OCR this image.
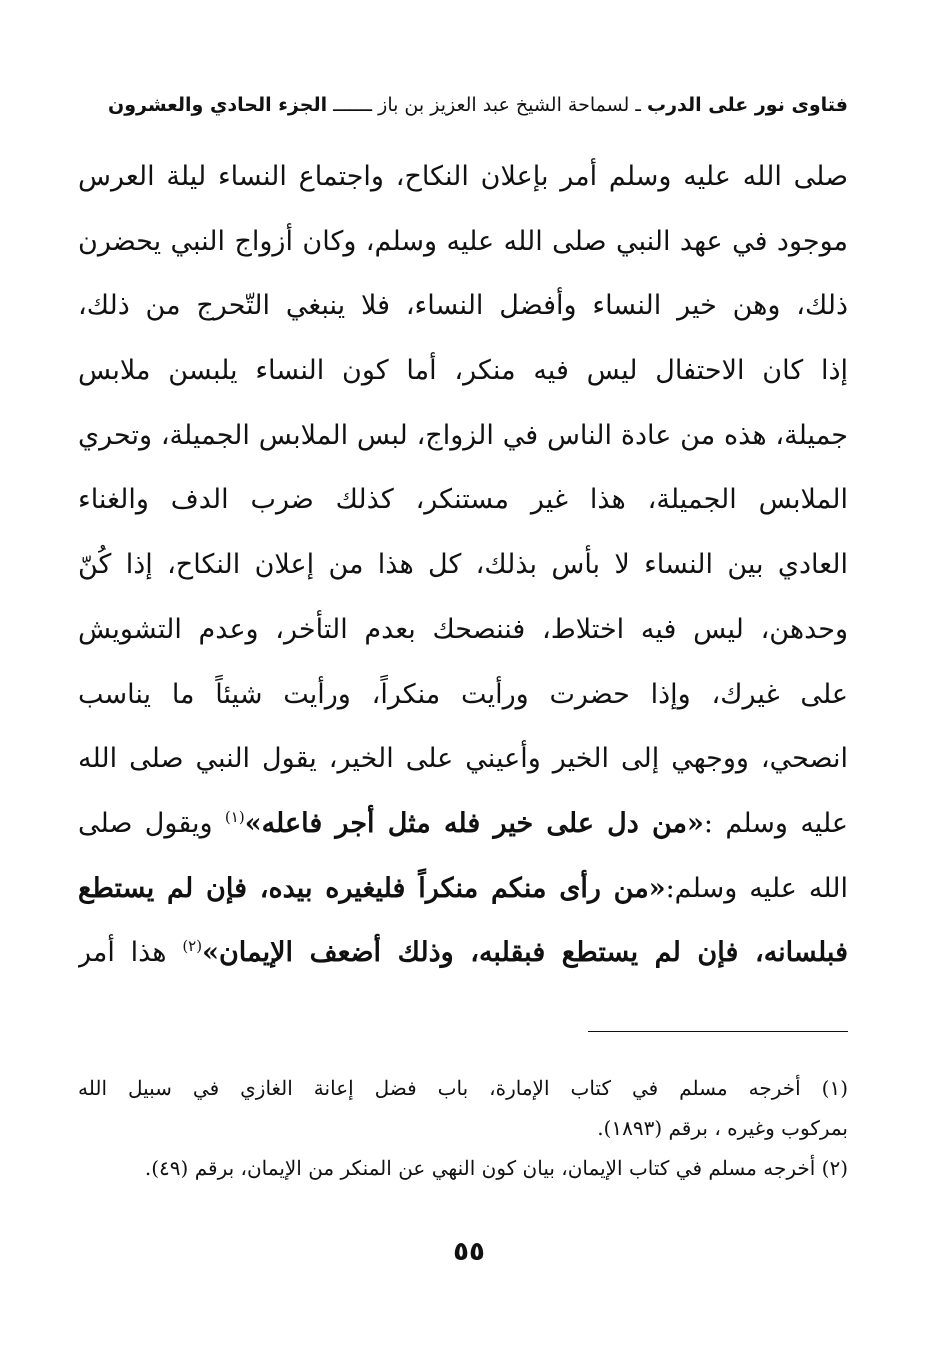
فتاوى نور على الدرب ـ لسماحة الشيخ عبد العزيز بن باز ـــــــ الجزء الحادي والعشرون
صلى الله عليه وسلم أمر بإعلان النكاح، واجتماع النساء ليلة العرس
موجود في عهد النبي صلى الله عليه وسلم، وكان أزواج النبي يحضرن
ذلك، وهن خير النساء وأفضل النساء، فلا ينبغي التّحرج من ذلك،
إذا كان الاحتفال ليس فيه منكر، أما كون النساء يلبسن ملابس
جميلة، هذه من عادة الناس في الزواج، لبس الملابس الجميلة، وتحري
الملابس الجميلة، هذا غير مستنكر، كذلك ضرب الدف والغناء
العادي بين النساء لا بأس بذلك، كل هذا من إعلان النكاح، إذا كُنّ
وحدهن، ليس فيه اختلاط، فننصحك بعدم التأخر، وعدم التشويش
على غيرك، وإذا حضرت ورأيت منكراً، ورأيت شيئاً ما يناسب
انصحي، ووجهي إلى الخير وأعيني على الخير، يقول النبي صلى الله
عليه وسلم :«من دل على خير فله مثل أجر فاعله»$^{(١)}$ ويقول صلى
الله عليه وسلم:«من رأى منكم منكراً فليغيره بيده، فإن لم يستطع
فبلسانه، فإن لم يستطع فبقلبه، وذلك أضعف الإيمان»$^{(٢)}$ هذا أمر
(١) أخرجه مسلم في كتاب الإمارة، باب فضل إعانة الغازي في سبيل الله
بمركوب وغيره ، برقم (١٨٩٣).
(٢) أخرجه مسلم في كتاب الإيمان، بيان كون النهي عن المنكر من الإيمان، برقم (٤٩).
٥٥
